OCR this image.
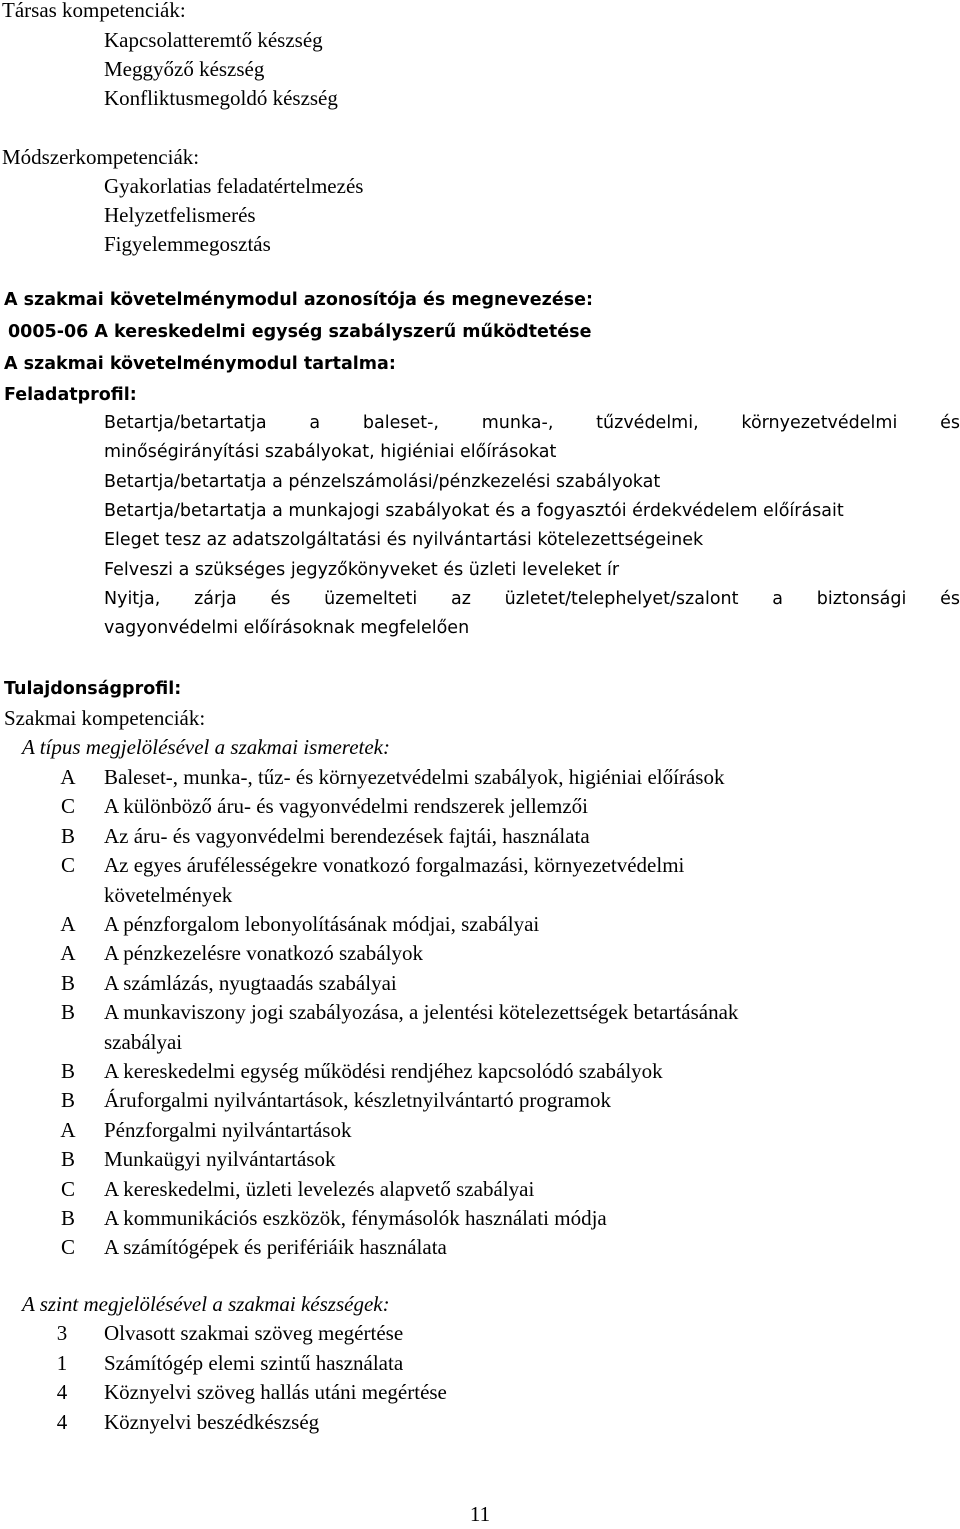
Társas kompetenciák:
Kapcsolatteremtő készség
Meggyőző készség
Konfliktusmegoldó készség
Módszerkompetenciák:
Gyakorlatias feladatértelmezés
Helyzetfelismerés
Figyelemmegosztás
A szakmai követelménymodul azonosítója és megnevezése:
0005-06 A kereskedelmi egység szabályszerű működtetése
A szakmai követelménymodul tartalma:
Feladatprofil:
Betartja/betartatja a baleset-, munka-, tűzvédelmi, környezetvédelmi és
minőségirányítási szabályokat, higiéniai előírásokat
Betartja/betartatja a pénzelszámolási/pénzkezelési szabályokat
Betartja/betartatja a munkajogi szabályokat és a fogyasztói érdekvédelem előírásait
Eleget tesz az adatszolgáltatási és nyilvántartási kötelezettségeinek
Felveszi a szükséges jegyzőkönyveket és üzleti leveleket ír
Nyitja, zárja és üzemelteti az üzletet/telephelyet/szalont a biztonsági és
vagyonvédelmi előírásoknak megfelelően
Tulajdonságprofil:
Szakmai kompetenciák:
A típus megjelölésével a szakmai ismeretek:
A Baleset-, munka-, tűz- és környezetvédelmi szabályok, higiéniai előírások
C A különböző áru- és vagyonvédelmi rendszerek jellemzői
B Az áru- és vagyonvédelmi berendezések fajtái, használata
C Az egyes árufélességekre vonatkozó forgalmazási, környezetvédelmi
követelmények
A A pénzforgalom lebonyolításának módjai, szabályai
A A pénzkezelésre vonatkozó szabályok
B A számlázás, nyugtaadás szabályai
B A munkaviszony jogi szabályozása, a jelentési kötelezettségek betartásának
szabályai
B A kereskedelmi egység működési rendjéhez kapcsolódó szabályok
B Áruforgalmi nyilvántartások, készletnyilvántartó programok
A Pénzforgalmi nyilvántartások
B Munkaügyi nyilvántartások
C A kereskedelmi, üzleti levelezés alapvető szabályai
B A kommunikációs eszközök, fénymásolók használati módja
C A számítógépek és perifériáik használata
A szint megjelölésével a szakmai készségek:
3	Olvasott szakmai szöveg megértése
1	Számítógép elemi szintű használata
4	Köznyelvi szöveg hallás utáni megértése
4	Köznyelvi beszédkészség
11
